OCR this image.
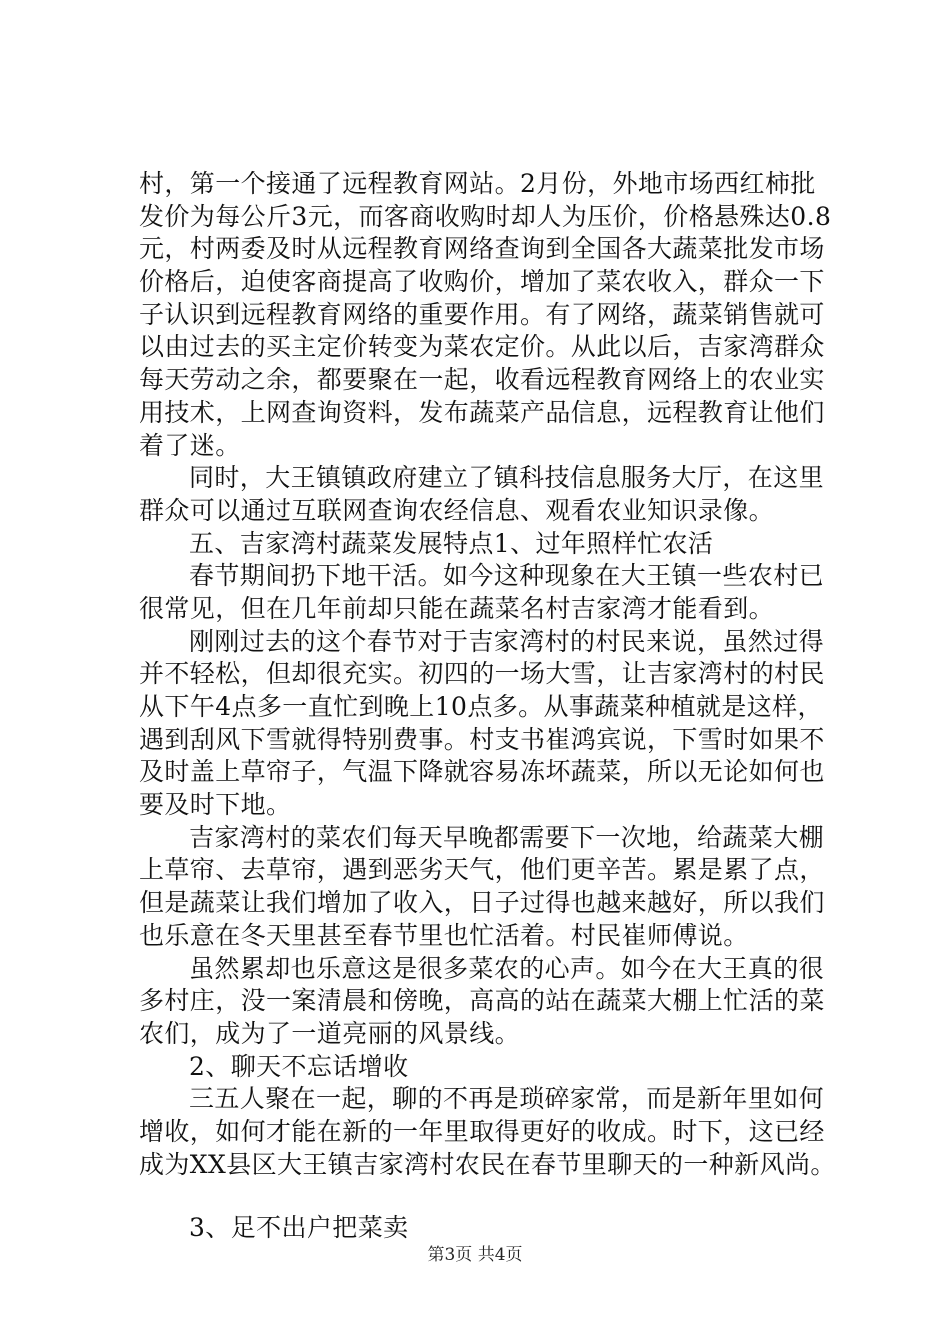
村，第一个接通了远程教育网站。2月份，外地市场西红柿批
发价为每公斤3元，而客商收购时却人为压价，价格悬殊达0.8
元，村两委及时从远程教育网络查询到全国各大蔬菜批发市场
价格后，迫使客商提高了收购价，增加了菜农收入，群众一下
子认识到远程教育网络的重要作用。有了网络，蔬菜销售就可
以由过去的买主定价转变为菜农定价。从此以后，吉家湾群众
每天劳动之余，都要聚在一起，收看远程教育网络上的农业实
用技术，上网查询资料，发布蔬菜产品信息，远程教育让他们
着了迷。
同时，大王镇镇政府建立了镇科技信息服务大厅，在这里
群众可以通过互联网查询农经信息、观看农业知识录像。
五、吉家湾村蔬菜发展特点1、过年照样忙农活
春节期间扔下地干活。如今这种现象在大王镇一些农村已
很常见，但在几年前却只能在蔬菜名村吉家湾才能看到。
刚刚过去的这个春节对于吉家湾村的村民来说，虽然过得
并不轻松，但却很充实。初四的一场大雪，让吉家湾村的村民
从下午4点多一直忙到晚上10点多。从事蔬菜种植就是这样，
遇到刮风下雪就得特别费事。村支书崔鸿宾说，下雪时如果不
及时盖上草帘子，气温下降就容易冻坏蔬菜，所以无论如何也
要及时下地。
吉家湾村的菜农们每天早晚都需要下一次地，给蔬菜大棚
上草帘、去草帘，遇到恶劣天气，他们更辛苦。累是累了点，
但是蔬菜让我们增加了收入，日子过得也越来越好，所以我们
也乐意在冬天里甚至春节里也忙活着。村民崔师傅说。
虽然累却也乐意这是很多菜农的心声。如今在大王真的很
多村庄，没一案清晨和傍晚，高高的站在蔬菜大棚上忙活的菜
农们，成为了一道亮丽的风景线。
2、聊天不忘话增收
三五人聚在一起，聊的不再是琐碎家常，而是新年里如何
增收，如何才能在新的一年里取得更好的收成。时下，这已经
成为XX县区大王镇吉家湾村农民在春节里聊天的一种新风尚。
3、足不出户把菜卖
第3页 共4页
